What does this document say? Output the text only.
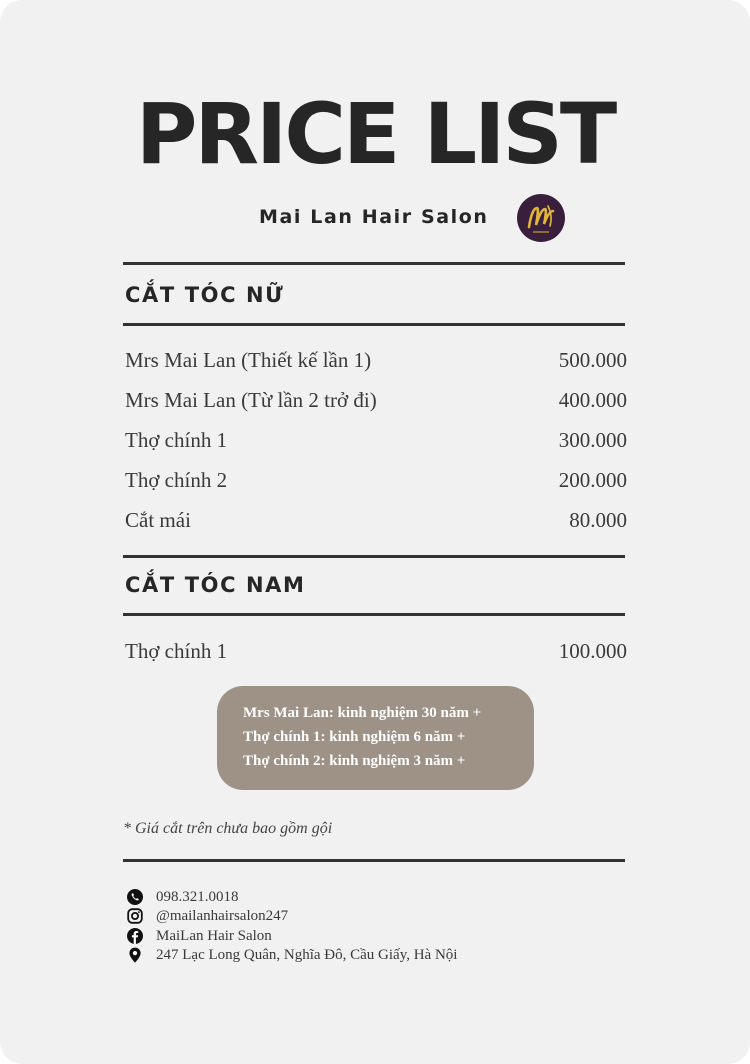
PRICE LIST
Mai Lan Hair Salon
CẮT TÓC NỮ
Mrs Mai Lan (Thiết kế lần 1)	500.000
Mrs Mai Lan (Từ lần 2 trở đi)	400.000
Thợ chính 1	300.000
Thợ chính 2	200.000
Cắt mái	80.000
CẮT TÓC NAM
Thợ chính 1	100.000
Mrs Mai Lan: kinh nghiệm 30 năm +
Thợ chính 1: kinh nghiệm 6 năm +
Thợ chính 2: kinh nghiệm 3 năm +
* Giá cắt trên chưa bao gồm gội
098.321.0018
@mailanhairsalon247
MaiLan Hair Salon
247 Lạc Long Quân, Nghĩa Đô, Cầu Giấy, Hà Nội
